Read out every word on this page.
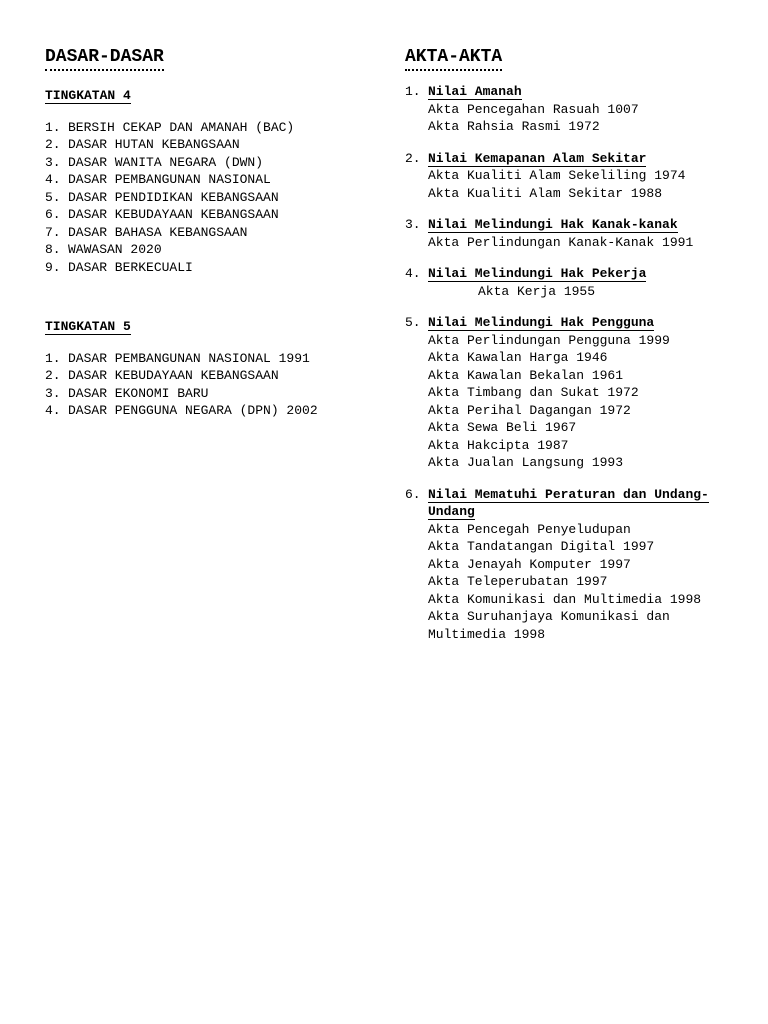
DASAR-DASAR
TINGKATAN 4
1. BERSIH CEKAP DAN AMANAH (BAC)
2. DASAR HUTAN KEBANGSAAN
3. DASAR WANITA NEGARA (DWN)
4. DASAR PEMBANGUNAN NASIONAL
5. DASAR PENDIDIKAN KEBANGSAAN
6. DASAR KEBUDAYAAN KEBANGSAAN
7. DASAR BAHASA KEBANGSAAN
8. WAWASAN 2020
9. DASAR BERKECUALI
TINGKATAN 5
1. DASAR PEMBANGUNAN NASIONAL 1991
2. DASAR KEBUDAYAAN KEBANGSAAN
3. DASAR EKONOMI BARU
4. DASAR PENGGUNA NEGARA (DPN) 2002
AKTA-AKTA
1. Nilai Amanah
Akta Pencegahan Rasuah 1007
Akta Rahsia Rasmi 1972
2. Nilai Kemapanan Alam Sekitar
Akta Kualiti Alam Sekeliling 1974
Akta Kualiti Alam Sekitar 1988
3. Nilai Melindungi Hak Kanak-kanak
Akta Perlindungan Kanak-Kanak 1991
4. Nilai Melindungi Hak Pekerja
Akta Kerja 1955
5. Nilai Melindungi Hak Pengguna
Akta Perlindungan Pengguna 1999
Akta Kawalan Harga 1946
Akta Kawalan Bekalan 1961
Akta Timbang dan Sukat 1972
Akta Perihal Dagangan 1972
Akta Sewa Beli 1967
Akta Hakcipta 1987
Akta Jualan Langsung 1993
6. Nilai Mematuhi Peraturan dan Undang-Undang
Akta Pencegah Penyeludupan
Akta Tandatangan Digital 1997
Akta Jenayah Komputer 1997
Akta Teleperubatan 1997
Akta Komunikasi dan Multimedia 1998
Akta Suruhanjaya Komunikasi dan Multimedia 1998
